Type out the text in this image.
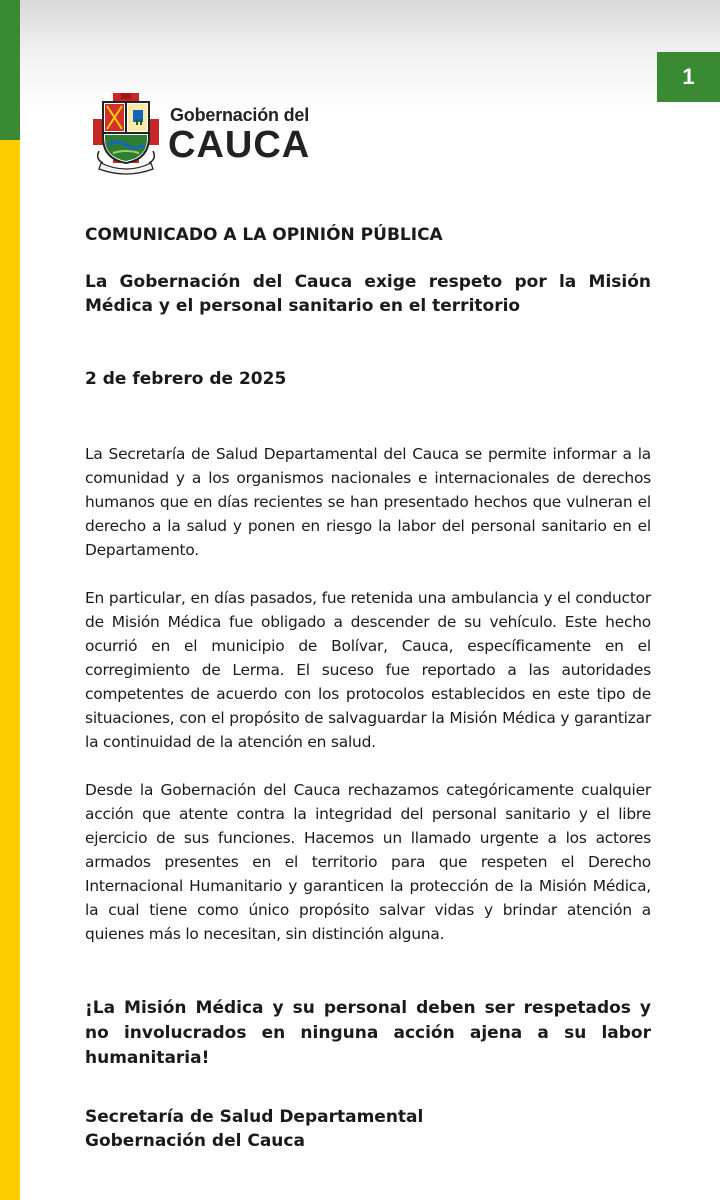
1
Gobernación del
CAUCA

COMUNICADO A LA OPINIÓN PÚBLICA

La Gobernación del Cauca exige respeto por la Misión Médica y el personal sanitario en el territorio

2 de febrero de 2025

La Secretaría de Salud Departamental del Cauca se permite informar a la comunidad y a los organismos nacionales e internacionales de derechos humanos que en días recientes se han presentado hechos que vulneran el derecho a la salud y ponen en riesgo la labor del personal sanitario en el Departamento.

En particular, en días pasados, fue retenida una ambulancia y el conductor de Misión Médica fue obligado a descender de su vehículo. Este hecho ocurrió en el municipio de Bolívar, Cauca, específicamente en el corregimiento de Lerma. El suceso fue reportado a las autoridades competentes de acuerdo con los protocolos establecidos en este tipo de situaciones, con el propósito de salvaguardar la Misión Médica y garantizar la continuidad de la atención en salud.

Desde la Gobernación del Cauca rechazamos categóricamente cualquier acción que atente contra la integridad del personal sanitario y el libre ejercicio de sus funciones. Hacemos un llamado urgente a los actores armados presentes en el territorio para que respeten el Derecho Internacional Humanitario y garanticen la protección de la Misión Médica, la cual tiene como único propósito salvar vidas y brindar atención a quienes más lo necesitan, sin distinción alguna.

¡La Misión Médica y su personal deben ser respetados y no involucrados en ninguna acción ajena a su labor humanitaria!

Secretaría de Salud Departamental
Gobernación del Cauca
